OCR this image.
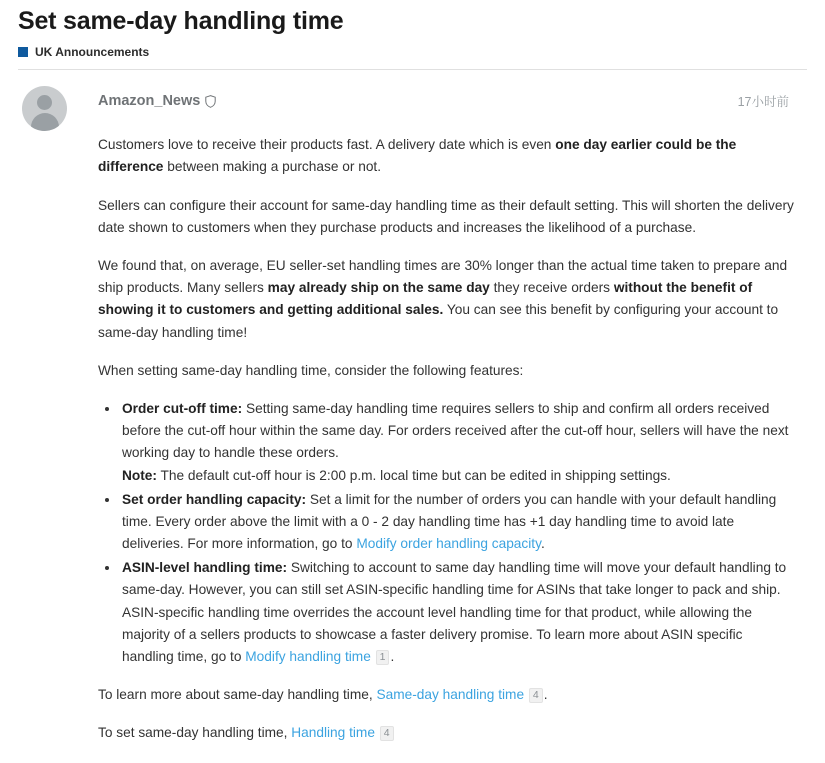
Set same-day handling time
UK Announcements
Amazon_News	17小时前

Customers love to receive their products fast. A delivery date which is even one day earlier could be the difference between making a purchase or not.

Sellers can configure their account for same-day handling time as their default setting. This will shorten the delivery date shown to customers when they purchase products and increases the likelihood of a purchase.

We found that, on average, EU seller-set handling times are 30% longer than the actual time taken to prepare and ship products. Many sellers may already ship on the same day they receive orders without the benefit of showing it to customers and getting additional sales. You can see this benefit by configuring your account to same-day handling time!

When setting same-day handling time, consider the following features:

• Order cut-off time: Setting same-day handling time requires sellers to ship and confirm all orders received before the cut-off hour within the same day. For orders received after the cut-off hour, sellers will have the next working day to handle these orders.
Note: The default cut-off hour is 2:00 p.m. local time but can be edited in shipping settings.
• Set order handling capacity: Set a limit for the number of orders you can handle with your default handling time. Every order above the limit with a 0 - 2 day handling time has +1 day handling time to avoid late deliveries. For more information, go to Modify order handling capacity.
• ASIN-level handling time: Switching to account to same day handling time will move your default handling to same-day. However, you can still set ASIN-specific handling time for ASINs that take longer to pack and ship. ASIN-specific handling time overrides the account level handling time for that product, while allowing the majority of a sellers products to showcase a faster delivery promise. To learn more about ASIN specific handling time, go to Modify handling time 1 .

To learn more about same-day handling time, Same-day handling time 4 .

To set same-day handling time, Handling time 4
